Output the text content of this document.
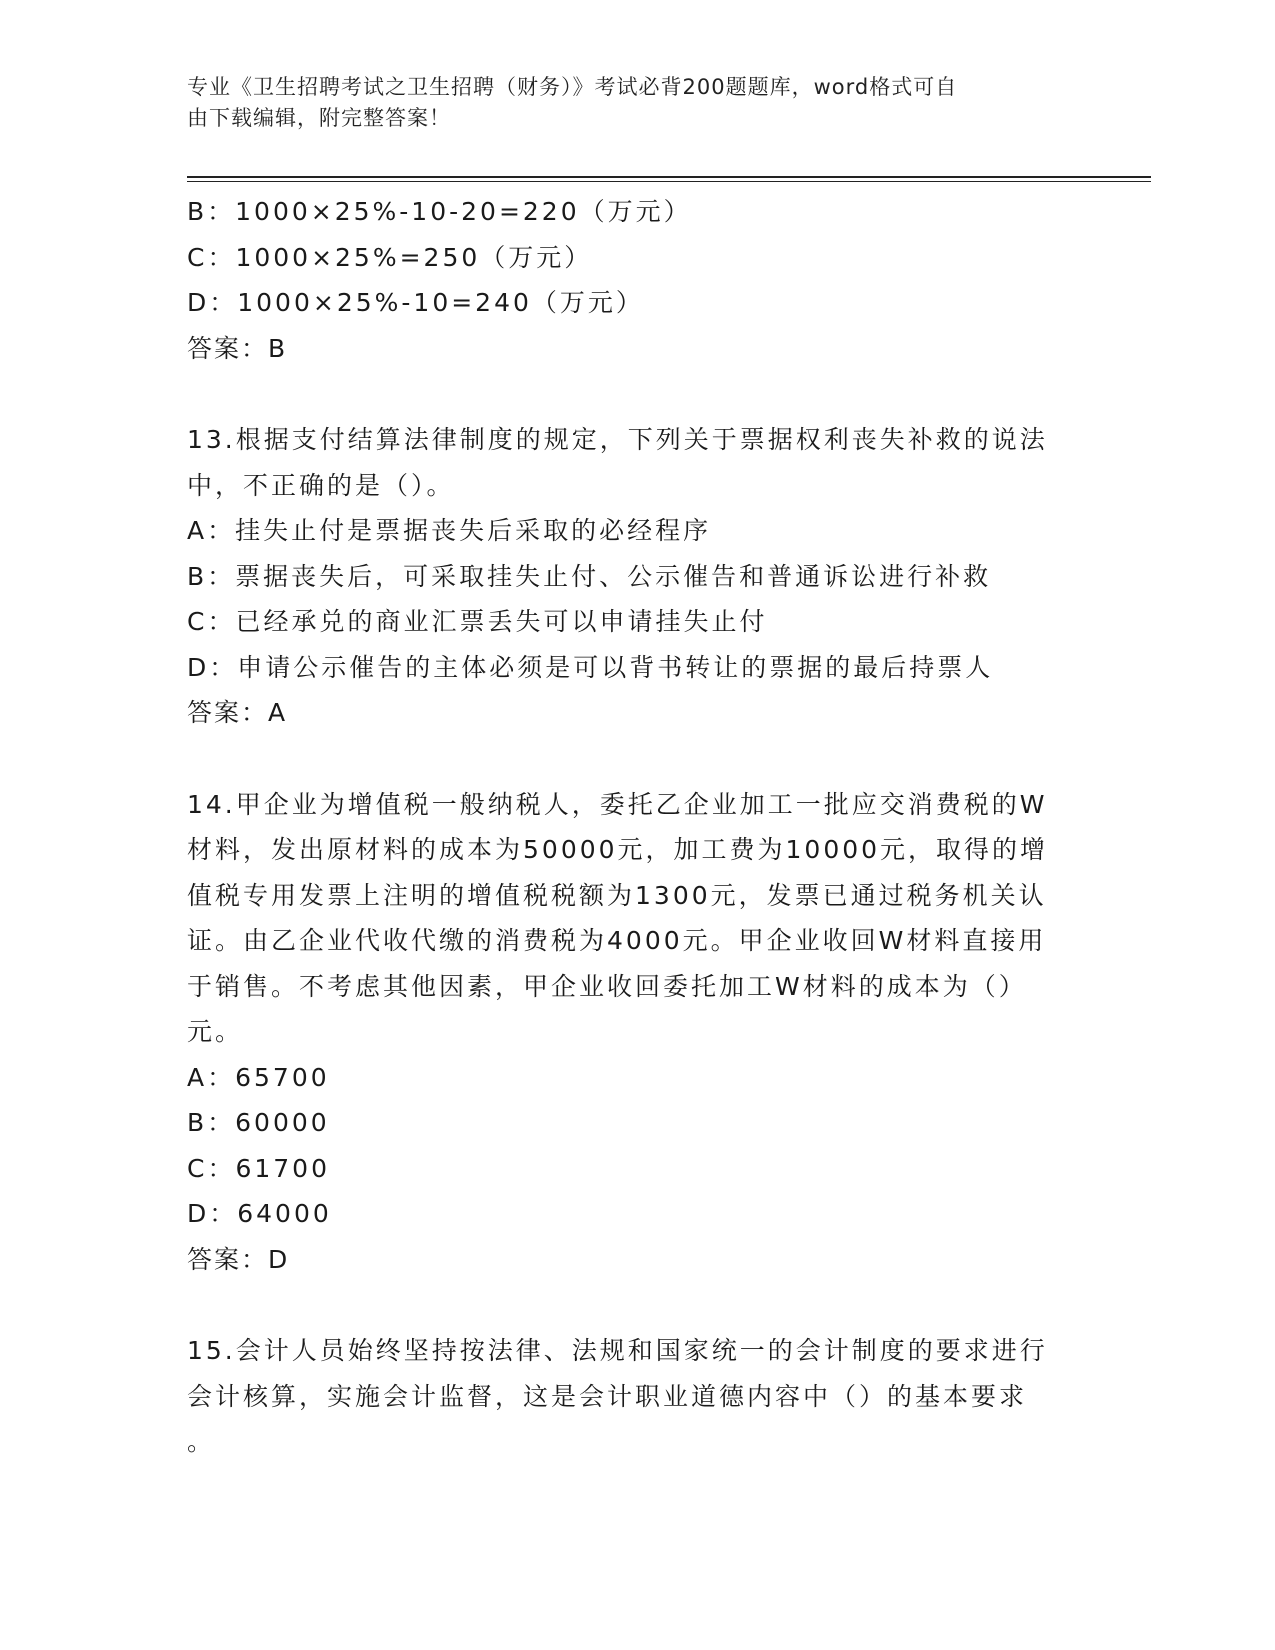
专业《卫生招聘考试之卫生招聘（财务）》考试必背200题题库，word格式可自
由下载编辑，附完整答案！

B：1000×25%-10-20=220（万元）

C：1000×25%=250（万元）

D：1000×25%-10=240（万元）

答案：B

13.根据支付结算法律制度的规定，下列关于票据权利丧失补救的说法

中，不正确的是（）。

A：挂失止付是票据丧失后采取的必经程序

B：票据丧失后，可采取挂失止付、公示催告和普通诉讼进行补救

C：已经承兑的商业汇票丢失可以申请挂失止付

D：申请公示催告的主体必须是可以背书转让的票据的最后持票人

答案：A

14.甲企业为增值税一般纳税人，委托乙企业加工一批应交消费税的W

材料，发出原材料的成本为50000元，加工费为10000元，取得的增

值税专用发票上注明的增值税税额为1300元，发票已通过税务机关认

证。由乙企业代收代缴的消费税为4000元。甲企业收回W材料直接用

于销售。不考虑其他因素，甲企业收回委托加工W材料的成本为（）

元。

A：65700

B：60000

C：61700

D：64000

答案：D

15.会计人员始终坚持按法律、法规和国家统一的会计制度的要求进行

会计核算，实施会计监督，这是会计职业道德内容中（）的基本要求

。
